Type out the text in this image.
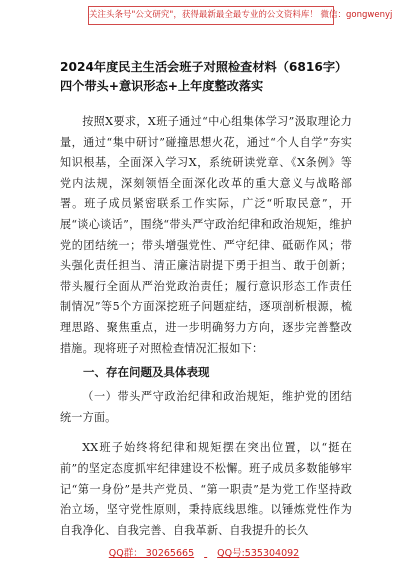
关注头条号"公文研究"，获得最新最全最专业的公文资料库！ 微信：gongwenyj
2024年度民主生活会班子对照检查材料（6816字）四个带头+意识形态+上年度整改落实

按照X要求，X班子通过“中心组集体学习”汲取理论力量，通过“集中研讨”碰撞思想火花，通过“个人自学”夯实知识根基，全面深入学习X，系统研读党章、《X条例》等党内法规，深刻领悟全面深化改革的重大意义与战略部署。班子成员紧密联系工作实际，广泛“听取民意”，开展“谈心谈话”，围绕“带头严守政治纪律和政治规矩，维护党的团结统一；带头增强党性、严守纪律、砥砺作风；带头强化责任担当、清正廉洁尉提下勇于担当、敢于创新；带头履行全面从严治党政治责任；履行意识形态工作责任制情况”等5个方面深挖班子问题症结，逐项剖析根源，梳理思路、聚焦重点，进一步明确努力方向，逐步完善整改措施。现将班子对照检查情况汇报如下：

一、存在问题及具体表现

（一）带头严守政治纪律和政治规矩，维护党的团结统一方面。

XX班子始终将纪律和规矩摆在突出位置，以“挺在前”的坚定态度抓牢纪律建设不松懈。班子成员多数能够牢记“第一身份”是共产党员、“第一职责”是为党工作坚持政治立场，坚守党性原则，秉持底线思维。以锤炼党性作为自我净化、自我完善、自我革新、自我提升的长久

QQ群： 30265665 QQ号:535304092
